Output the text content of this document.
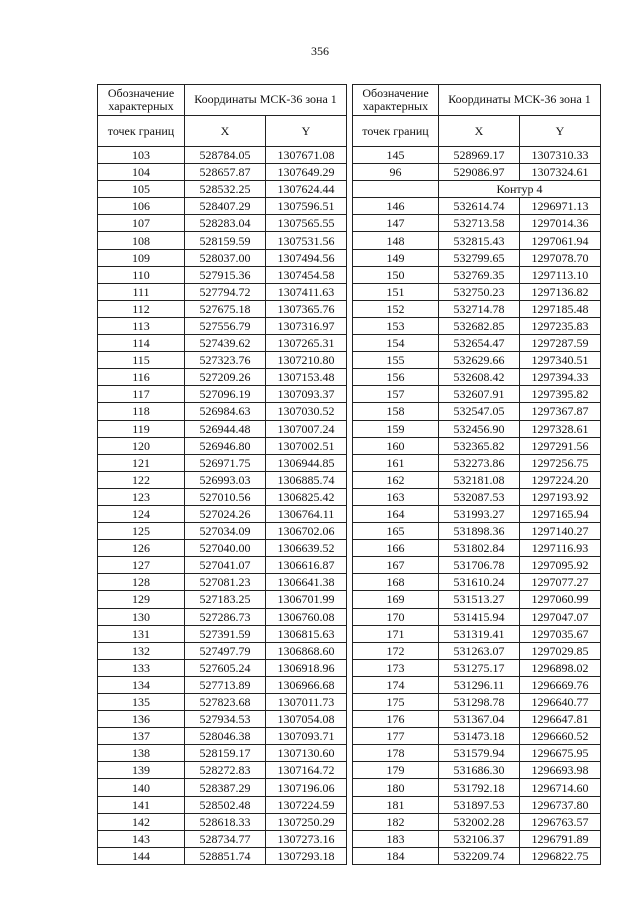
356
Обозначение характерных	Координаты МСК-36 зона 1	
точек границ	X	Y
103	528784.05	1307671.08
104	528657.87	1307649.29
105	528532.25	1307624.44
106	528407.29	1307596.51
107	528283.04	1307565.55
108	528159.59	1307531.56
109	528037.00	1307494.56
110	527915.36	1307454.58
111	527794.72	1307411.63
112	527675.18	1307365.76
113	527556.79	1307316.97
114	527439.62	1307265.31
115	527323.76	1307210.80
116	527209.26	1307153.48
117	527096.19	1307093.37
118	526984.63	1307030.52
119	526944.48	1307007.24
120	526946.80	1307002.51
121	526971.75	1306944.85
122	526993.03	1306885.74
123	527010.56	1306825.42
124	527024.26	1306764.11
125	527034.09	1306702.06
126	527040.00	1306639.52
127	527041.07	1306616.87
128	527081.23	1306641.38
129	527183.25	1306701.99
130	527286.73	1306760.08
131	527391.59	1306815.63
132	527497.79	1306868.60
133	527605.24	1306918.96
134	527713.89	1306966.68
135	527823.68	1307011.73
136	527934.53	1307054.08
137	528046.38	1307093.71
138	528159.17	1307130.60
139	528272.83	1307164.72
140	528387.29	1307196.06
141	528502.48	1307224.59
142	528618.33	1307250.29
143	528734.77	1307273.16
144	528851.74	1307293.18
Обозначение характерных	Координаты МСК-36 зона 1	
точек границ	X	Y
145	528969.17	1307310.33
96	529086.97	1307324.61
	Контур 4	
146	532614.74	1296971.13
147	532713.58	1297014.36
148	532815.43	1297061.94
149	532799.65	1297078.70
150	532769.35	1297113.10
151	532750.23	1297136.82
152	532714.78	1297185.48
153	532682.85	1297235.83
154	532654.47	1297287.59
155	532629.66	1297340.51
156	532608.42	1297394.33
157	532607.91	1297395.82
158	532547.05	1297367.87
159	532456.90	1297328.61
160	532365.82	1297291.56
161	532273.86	1297256.75
162	532181.08	1297224.20
163	532087.53	1297193.92
164	531993.27	1297165.94
165	531898.36	1297140.27
166	531802.84	1297116.93
167	531706.78	1297095.92
168	531610.24	1297077.27
169	531513.27	1297060.99
170	531415.94	1297047.07
171	531319.41	1297035.67
172	531263.07	1297029.85
173	531275.17	1296898.02
174	531296.11	1296669.76
175	531298.78	1296640.77
176	531367.04	1296647.81
177	531473.18	1296660.52
178	531579.94	1296675.95
179	531686.30	1296693.98
180	531792.18	1296714.60
181	531897.53	1296737.80
182	532002.28	1296763.57
183	532106.37	1296791.89
184	532209.74	1296822.75
